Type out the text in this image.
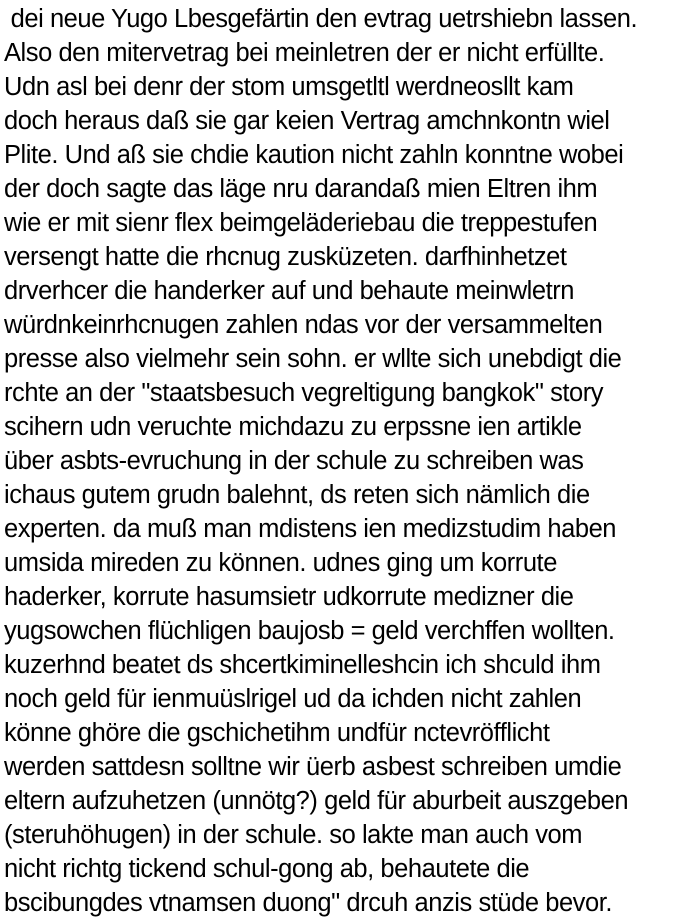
dei neue Yugo Lbesgefärtin den evtrag uetrshiebn lassen.
Also den mitervetrag bei meinletren der er nicht erfüllte.
Udn asl bei denr der stom umsgetltl werdneosllt kam
doch heraus daß sie gar keien Vertrag amchnkontn wiel
Plite. Und aß sie chdie kaution nicht zahln konntne wobei
der doch sagte das läge nru darandaß mien Eltren ihm
wie er mit sienr flex beimgeläderiebau die treppestufen
versengt hatte die rhcnug zusküzeten. darfhinhetzet
drverhcer die handerker auf und behaute meinwletrn
würdnkeinrhcnugen zahlen ndas vor der versammelten
presse also vielmehr sein sohn. er wllte sich unebdigt die
rchte an der "staatsbesuch vegreltigung bangkok" story
scihern udn veruchte michdazu zu erpssne ien artikle
über asbts-evruchung in der schule zu schreiben was
ichaus gutem grudn balehnt, ds reten sich nämlich die
experten. da muß man mdistens ien medizstudim haben
umsida mireden zu können. udnes ging um korrute
haderker, korrute hasumsietr udkorrute medizner die
yugsowchen flüchligen baujosb = geld verchffen wollten.
kuzerhnd beatet ds shcertkiminelleshcin ich shculd ihm
noch geld für ienmuüslrigel ud da ichden nicht zahlen
könne ghöre die gschichetihm undfür nctevröfflicht
werden sattdesn solltne wir üerb asbest schreiben umdie
eltern aufzuhetzen (unnötg?) geld für aburbeit auszgeben
(steruhöhugen) in der schule. so lakte man auch vom
nicht richtg tickend schul-gong ab, behautete die
bscibungdes vtnamsen duong" drcuh anzis stüde bevor.
